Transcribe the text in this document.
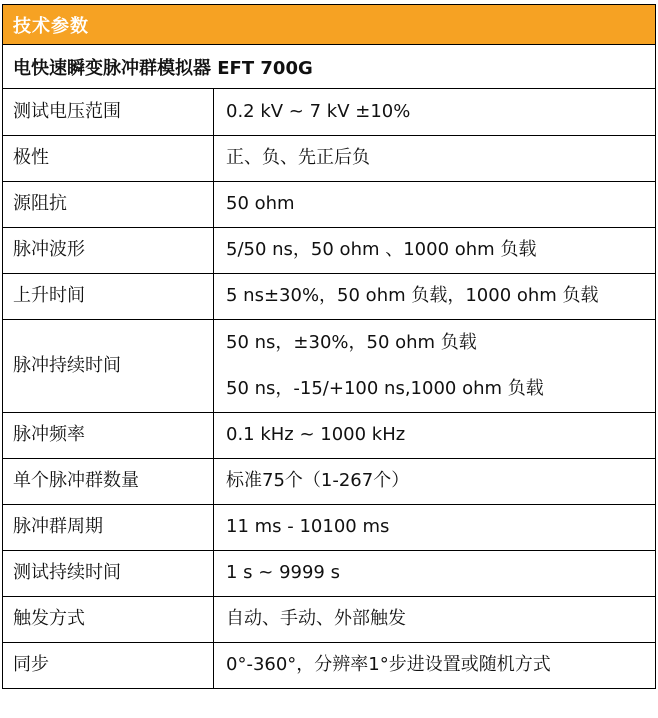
技术参数
电快速瞬变脉冲群模拟器 EFT 700G
测试电压范围	0.2 kV ~ 7 kV ±10%
极性	正、负、先正后负
源阻抗	50 ohm
脉冲波形	5/50 ns，50 ohm 、1000 ohm 负载
上升时间	5 ns±30%，50 ohm 负载，1000 ohm 负载
脉冲持续时间	50 ns，±30%，50 ohm 负载
50 ns，-15/+100 ns,1000 ohm 负载

脉冲频率	0.1 kHz ~ 1000 kHz
单个脉冲群数量	标准75个（1-267个）
脉冲群周期	11 ms - 10100 ms
测试持续时间	1 s ~ 9999 s
触发方式	自动、手动、外部触发
同步	0°-360°，分辨率1°步进设置或随机方式
